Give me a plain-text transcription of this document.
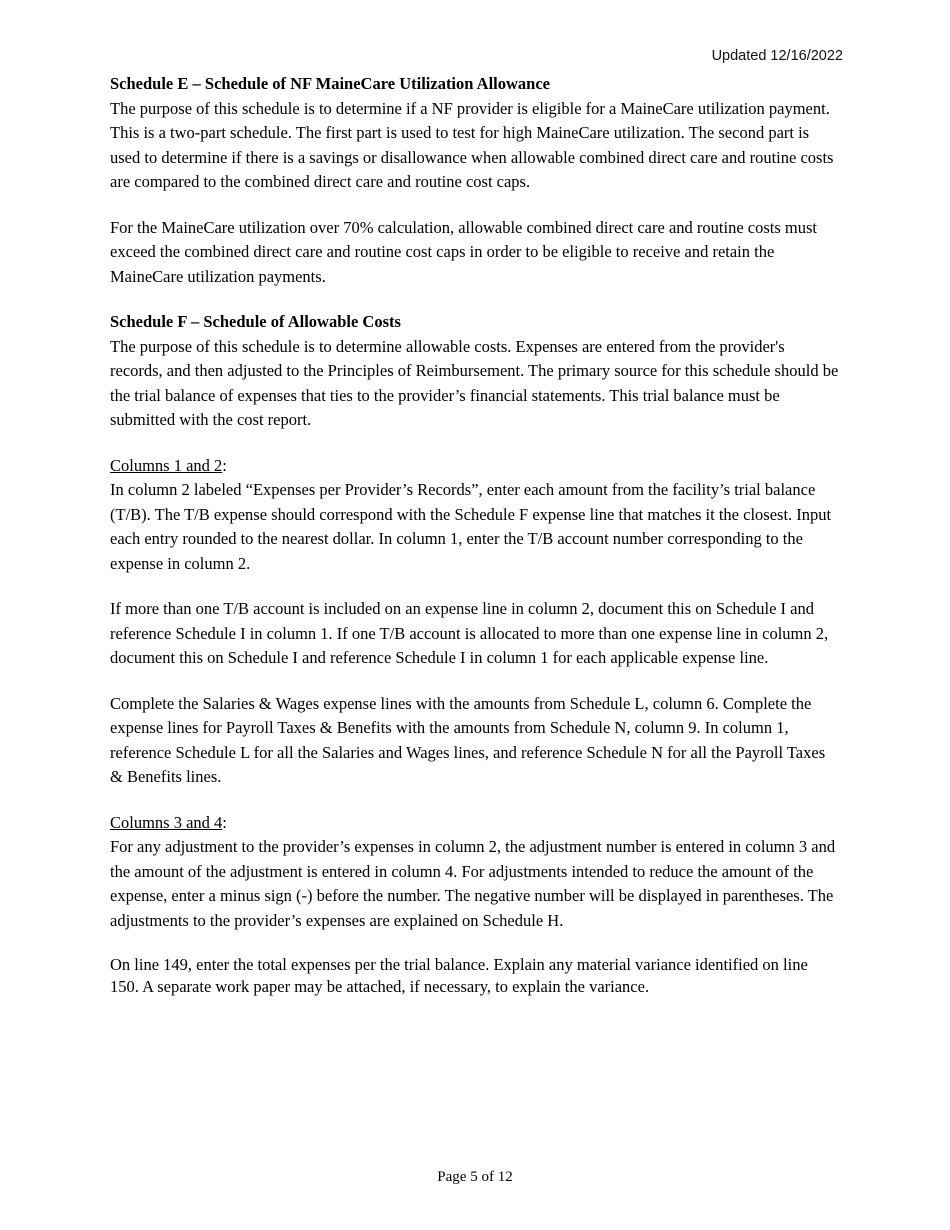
Updated 12/16/2022
Schedule E – Schedule of NF MaineCare Utilization Allowance

The purpose of this schedule is to determine if a NF provider is eligible for a MaineCare utilization payment. This is a two-part schedule. The first part is used to test for high MaineCare utilization. The second part is used to determine if there is a savings or disallowance when allowable combined direct care and routine costs are compared to the combined direct care and routine cost caps.

For the MaineCare utilization over 70% calculation, allowable combined direct care and routine costs must exceed the combined direct care and routine cost caps in order to be eligible to receive and retain the MaineCare utilization payments.

Schedule F – Schedule of Allowable Costs

The purpose of this schedule is to determine allowable costs. Expenses are entered from the provider's records, and then adjusted to the Principles of Reimbursement. The primary source for this schedule should be the trial balance of expenses that ties to the provider’s financial statements. This trial balance must be submitted with the cost report.

Columns 1 and 2:

In column 2 labeled “Expenses per Provider’s Records”, enter each amount from the facility’s trial balance (T/B). The T/B expense should correspond with the Schedule F expense line that matches it the closest. Input each entry rounded to the nearest dollar. In column 1, enter the T/B account number corresponding to the expense in column 2.

If more than one T/B account is included on an expense line in column 2, document this on Schedule I and reference Schedule I in column 1. If one T/B account is allocated to more than one expense line in column 2, document this on Schedule I and reference Schedule I in column 1 for each applicable expense line.

Complete the Salaries & Wages expense lines with the amounts from Schedule L, column 6. Complete the expense lines for Payroll Taxes & Benefits with the amounts from Schedule N, column 9. In column 1, reference Schedule L for all the Salaries and Wages lines, and reference Schedule N for all the Payroll Taxes & Benefits lines.

Columns 3 and 4:

For any adjustment to the provider’s expenses in column 2, the adjustment number is entered in column 3 and the amount of the adjustment is entered in column 4. For adjustments intended to reduce the amount of the expense, enter a minus sign (-) before the number. The negative number will be displayed in parentheses. The adjustments to the provider’s expenses are explained on Schedule H.

On line 149, enter the total expenses per the trial balance. Explain any material variance identified on line 150. A separate work paper may be attached, if necessary, to explain the variance.

Page 5 of 12
